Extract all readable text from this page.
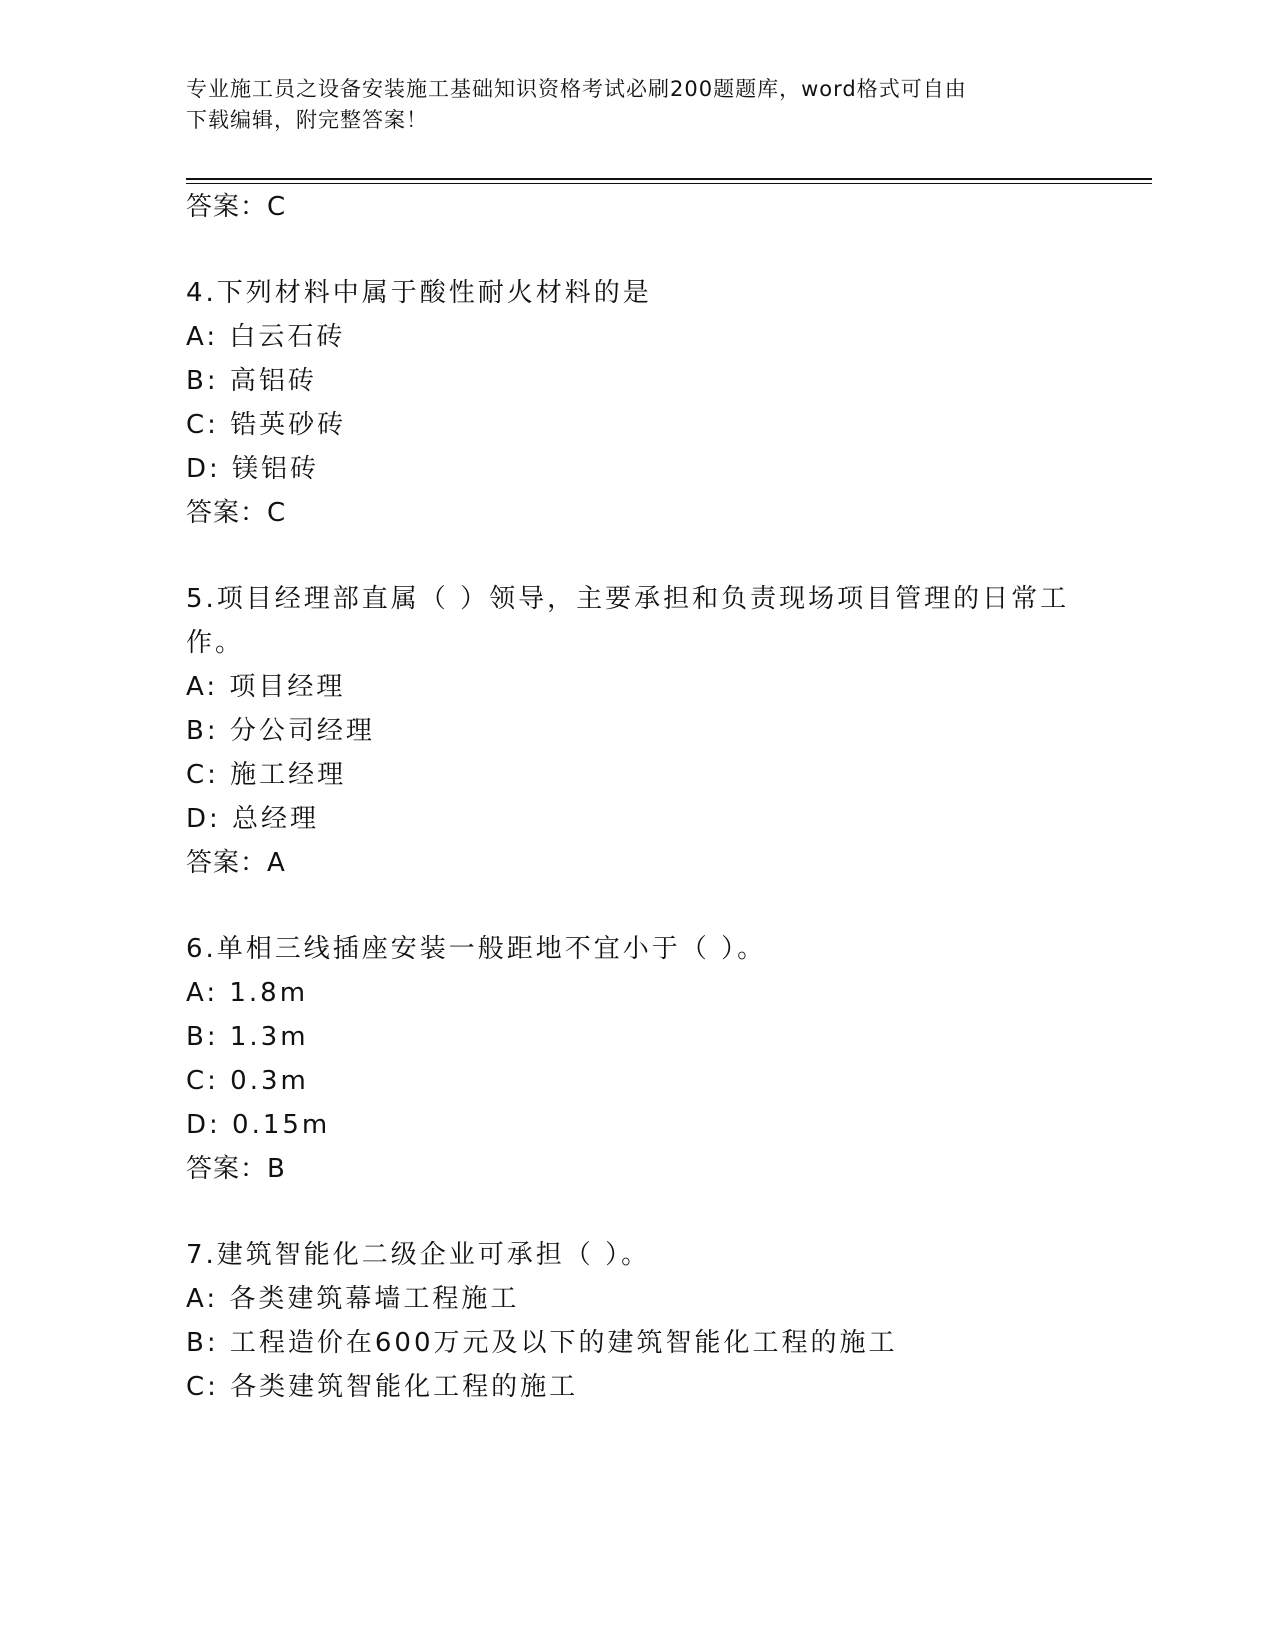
专业施工员之设备安装施工基础知识资格考试必刷200题题库，word格式可自由
下载编辑，附完整答案！
答案：C
4.下列材料中属于酸性耐火材料的是
A: 白云石砖
B: 高铝砖
C: 锆英砂砖
D: 镁铝砖
答案：C
5.项目经理部直属（ ）领导，主要承担和负责现场项目管理的日常工
作。
A: 项目经理
B: 分公司经理
C: 施工经理
D: 总经理
答案：A
6.单相三线插座安装一般距地不宜小于（ ）。
A: 1.8m
B: 1.3m
C: 0.3m
D: 0.15m
答案：B
7.建筑智能化二级企业可承担（ ）。
A: 各类建筑幕墙工程施工
B: 工程造价在600万元及以下的建筑智能化工程的施工
C: 各类建筑智能化工程的施工
